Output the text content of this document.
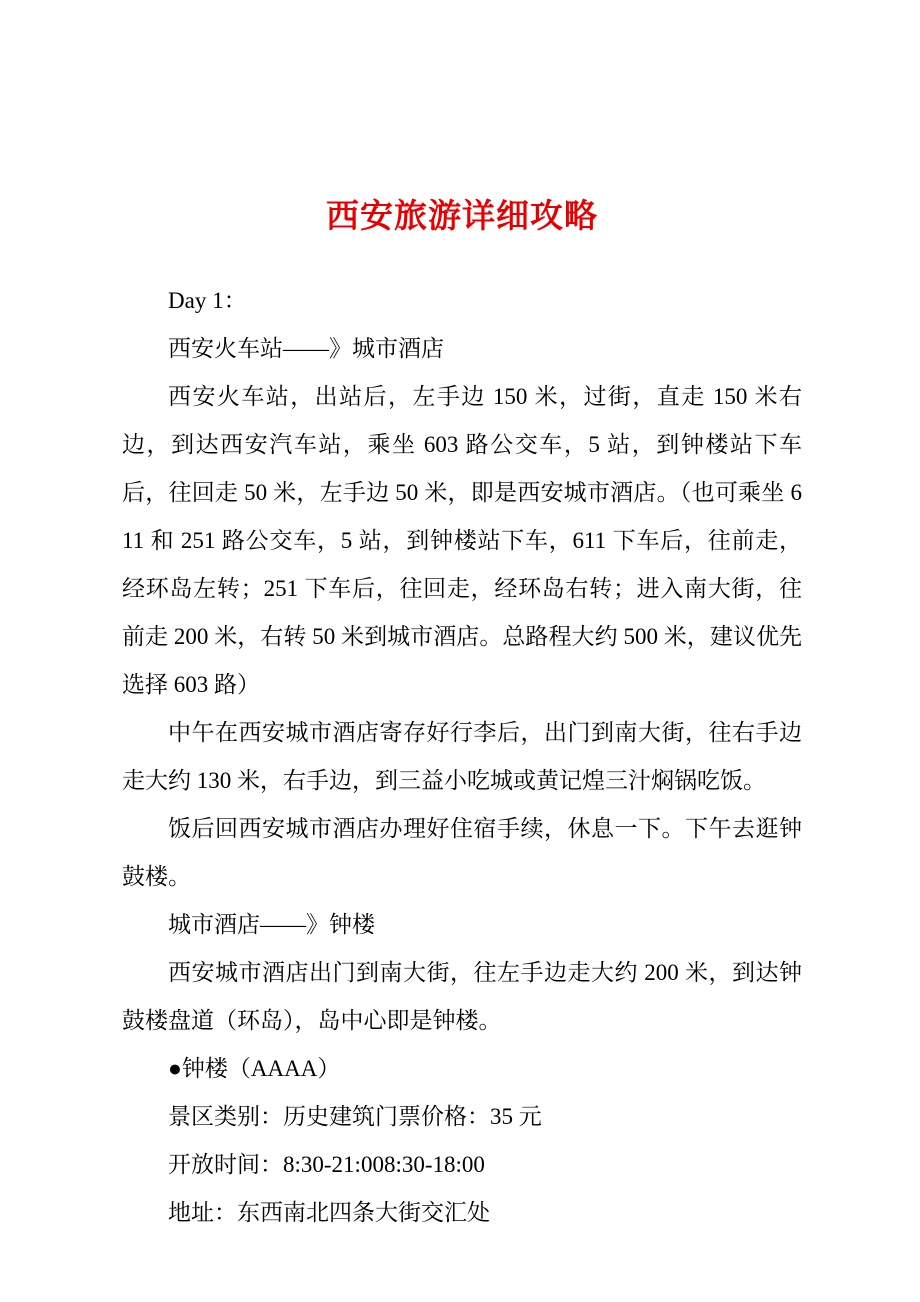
西安旅游详细攻略

Day 1：

西安火车站——》城市酒店

西安火车站，出站后，左手边 150 米，过街，直走 150 米右边，到达西安汽车站，乘坐 603 路公交车，5 站，到钟楼站下车后，往回走 50 米，左手边 50 米，即是西安城市酒店。（也可乘坐 611 和 251 路公交车，5 站，到钟楼站下车，611 下车后，往前走，经环岛左转；251 下车后，往回走，经环岛右转；进入南大街，往前走 200 米，右转 50 米到城市酒店。总路程大约 500 米，建议优先选择 603 路）

中午在西安城市酒店寄存好行李后，出门到南大街，往右手边走大约 130 米，右手边，到三益小吃城或黄记煌三汁焖锅吃饭。

饭后回西安城市酒店办理好住宿手续，休息一下。下午去逛钟鼓楼。

城市酒店——》钟楼

西安城市酒店出门到南大街，往左手边走大约 200 米，到达钟鼓楼盘道（环岛），岛中心即是钟楼。

●钟楼（AAAA）

景区类别：历史建筑门票价格：35 元

开放时间：8:30-21:008:30-18:00

地址：东西南北四条大街交汇处
